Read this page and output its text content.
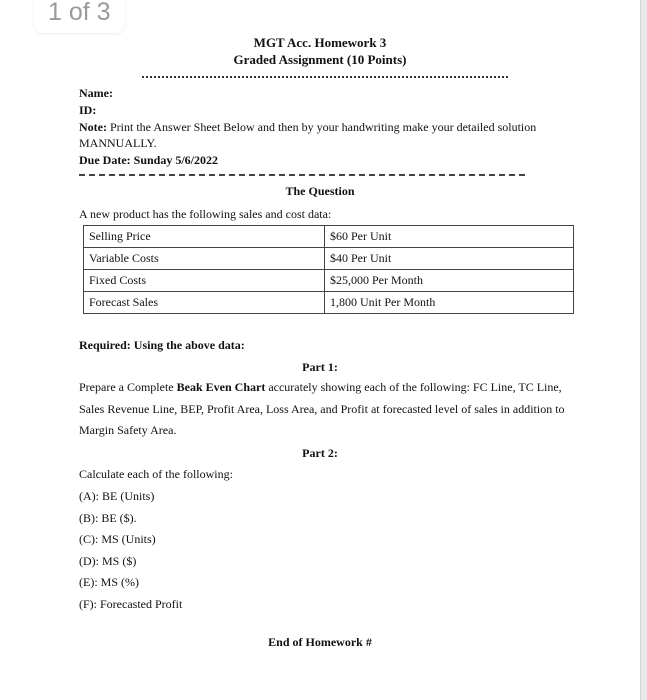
MGT Acc. Homework 3
Graded Assignment (10 Points)
Name:
ID:
Note: Print the Answer Sheet Below and then by your handwriting make your detailed solution
MANNUALLY.
Due Date: Sunday 5/6/2022
The Question
A new product has the following sales and cost data:
Selling Price	$60 Per Unit
Variable Costs	$40 Per Unit
Fixed Costs	$25,000 Per Month
Forecast Sales	1,800 Unit Per Month
Required: Using the above data:
Part 1:
Prepare a Complete Beak Even Chart accurately showing each of the following: FC Line, TC Line, Sales Revenue Line, BEP, Profit Area, Loss Area, and Profit at forecasted level of sales in addition to Margin Safety Area.
Part 2:
Calculate each of the following:
(A): BE (Units)
(B): BE ($).
(C): MS (Units)
(D): MS ($)
(E): MS (%)
(F): Forecasted Profit
End of Homework #
1 of 3
